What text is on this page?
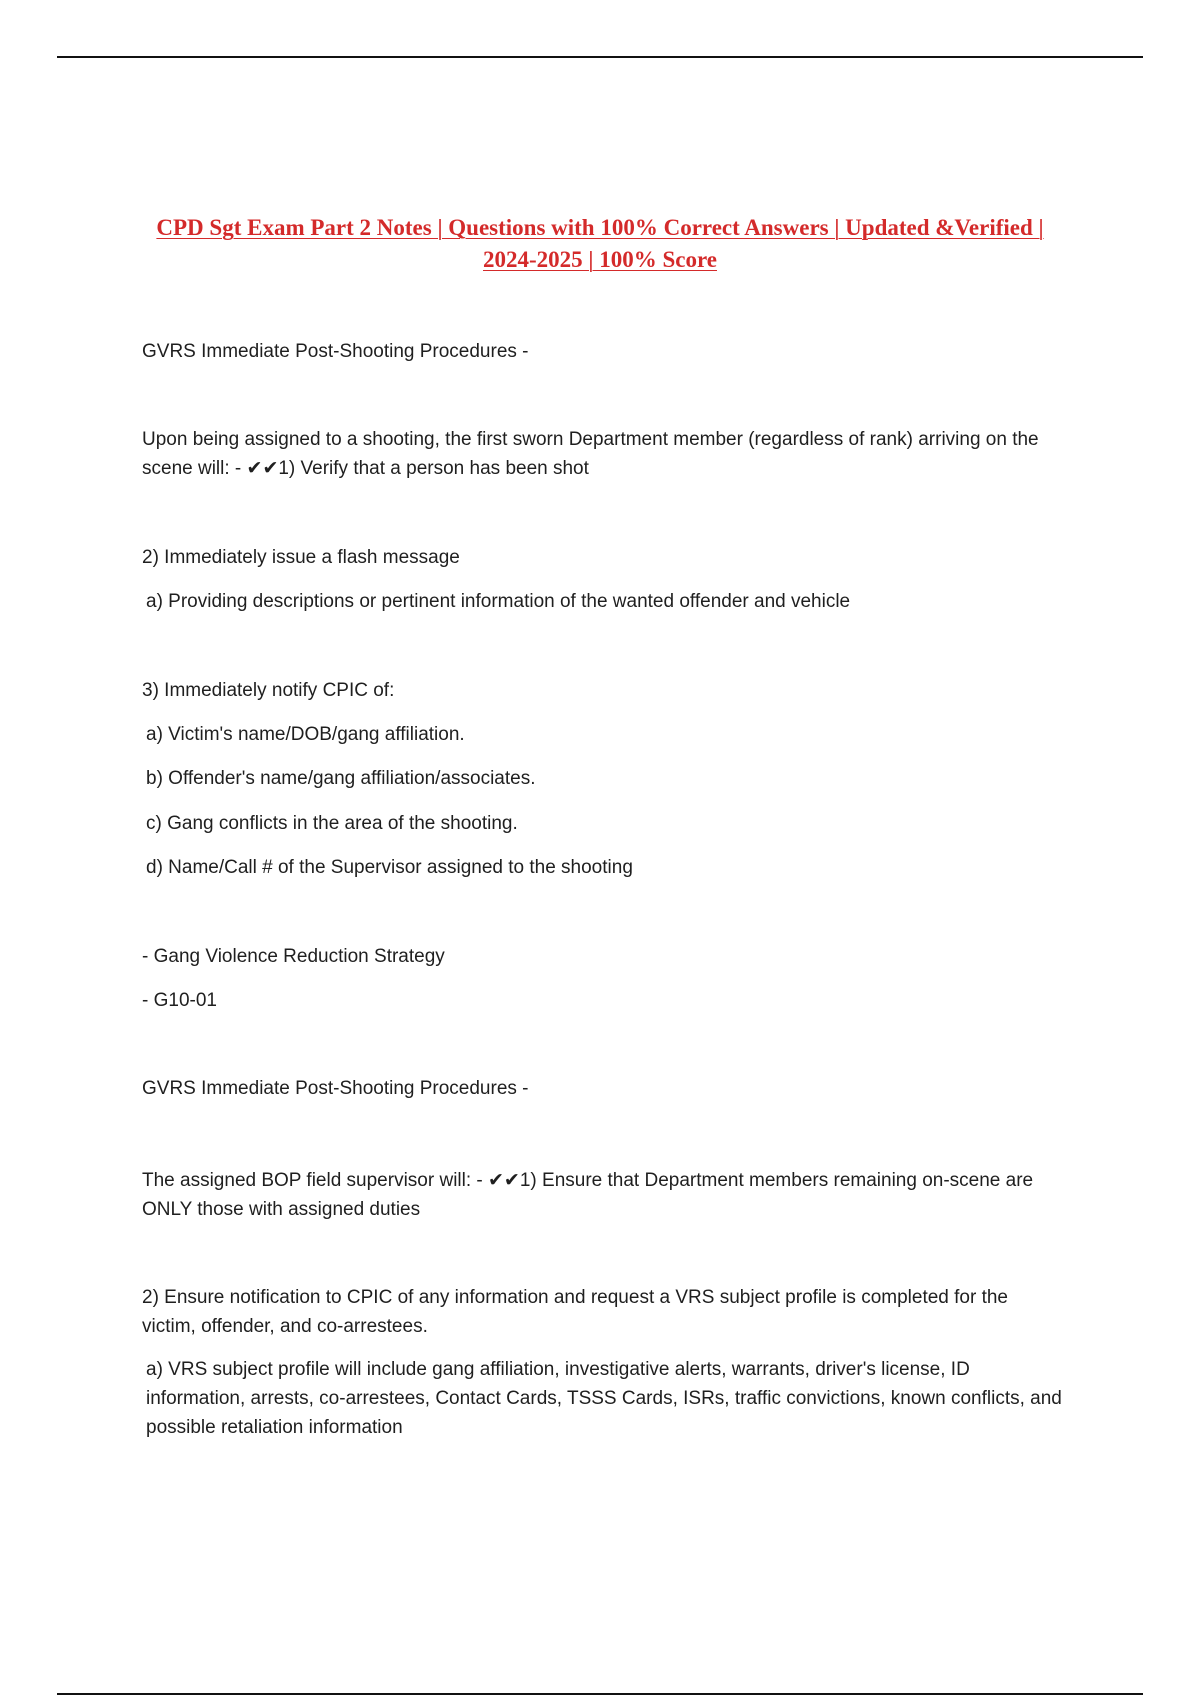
CPD Sgt Exam Part 2 Notes | Questions with 100% Correct Answers | Updated &Verified | 2024-2025 | 100% Score

GVRS Immediate Post-Shooting Procedures -

Upon being assigned to a shooting, the first sworn Department member (regardless of rank) arriving on the scene will: - ✔✔1) Verify that a person has been shot

2) Immediately issue a flash message

a) Providing descriptions or pertinent information of the wanted offender and vehicle

3) Immediately notify CPIC of:

a) Victim's name/DOB/gang affiliation.

b) Offender's name/gang affiliation/associates.

c) Gang conflicts in the area of the shooting.

d) Name/Call # of the Supervisor assigned to the shooting

- Gang Violence Reduction Strategy

- G10-01

GVRS Immediate Post-Shooting Procedures -

The assigned BOP field supervisor will: - ✔✔1) Ensure that Department members remaining on-scene are ONLY those with assigned duties

2) Ensure notification to CPIC of any information and request a VRS subject profile is completed for the victim, offender, and co-arrestees.

a) VRS subject profile will include gang affiliation, investigative alerts, warrants, driver's license, ID information, arrests, co-arrestees, Contact Cards, TSSS Cards, ISRs, traffic convictions, known conflicts, and possible retaliation information
